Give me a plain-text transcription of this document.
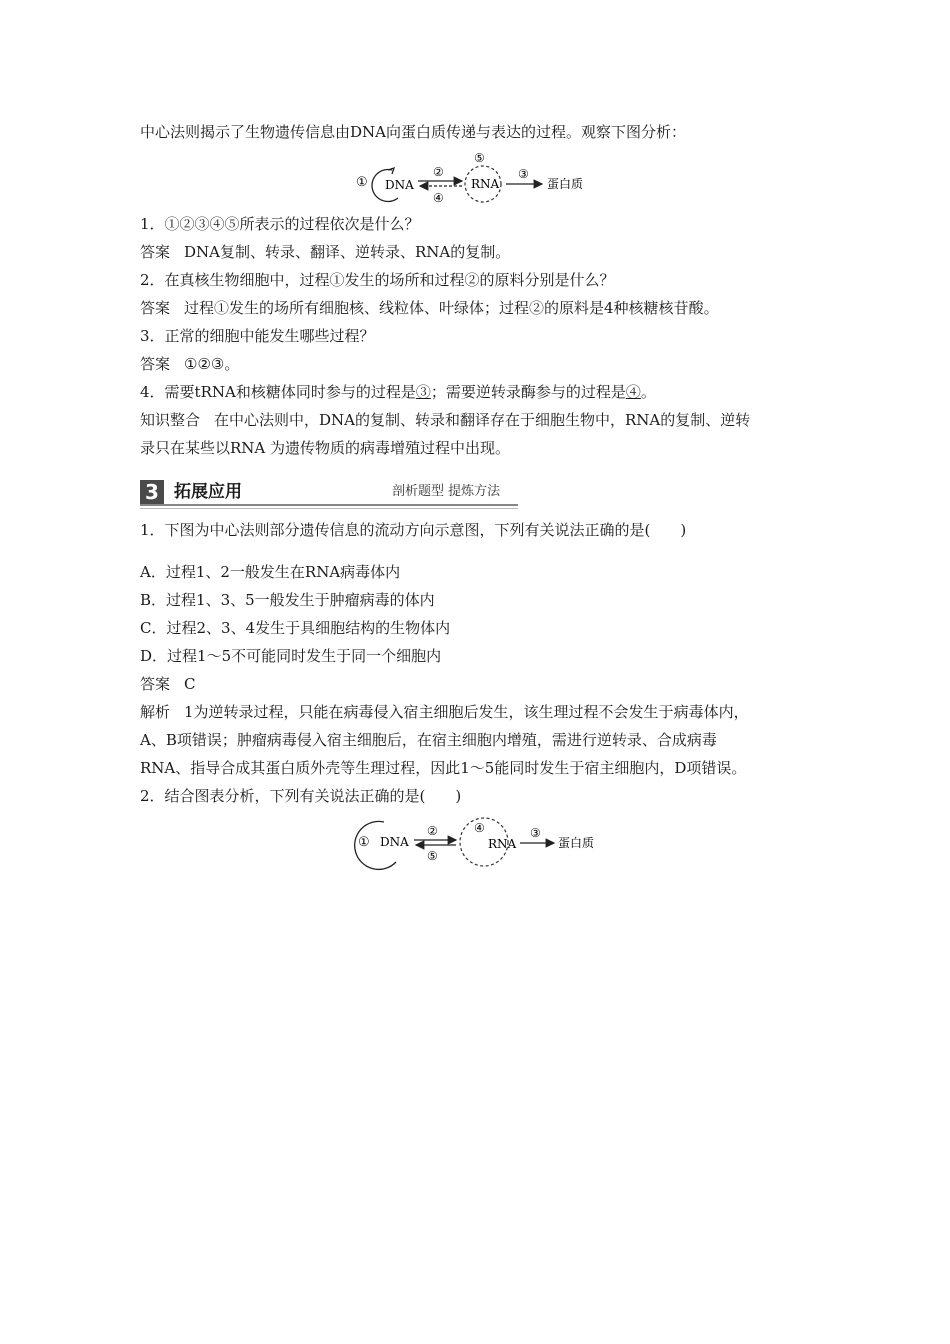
中心法则揭示了生物遗传信息由DNA向蛋白质传递与表达的过程。观察下图分析：
① DNA
②
④
⑤
RNA
③
蛋白质
1．①②③④⑤所表示的过程依次是什么？
答案 DNA复制、转录、翻译、逆转录、RNA的复制。
2．在真核生物细胞中，过程①发生的场所和过程②的原料分别是什么？
答案 过程①发生的场所有细胞核、线粒体、叶绿体；过程②的原料是4种核糖核苷酸。
3．正常的细胞中能发生哪些过程？
答案 ①②③。
4．需要tRNA和核糖体同时参与的过程是③；需要逆转录酶参与的过程是④。
知识整合 在中心法则中，DNA的复制、转录和翻译存在于细胞生物中，RNA的复制、逆转
录只在某些以RNA 为遗传物质的病毒增殖过程中出现。
3 拓展应用	剖析题型 提炼方法
1．下图为中心法则部分遗传信息的流动方向示意图，下列有关说法正确的是(　　)
A．过程1、2一般发生在RNA病毒体内
B．过程1、3、5一般发生于肿瘤病毒的体内
C．过程2、3、4发生于具细胞结构的生物体内
D．过程1～5不可能同时发生于同一个细胞内
答案 C
解析 1为逆转录过程，只能在病毒侵入宿主细胞后发生，该生理过程不会发生于病毒体内，
A、B项错误；肿瘤病毒侵入宿主细胞后，在宿主细胞内增殖，需进行逆转录、合成病毒
RNA、指导合成其蛋白质外壳等生理过程，因此1～5能同时发生于宿主细胞内，D项错误。
2．结合图表分析，下列有关说法正确的是(　　)
① DNA
②
⑤
④
RNA
③
蛋白质
